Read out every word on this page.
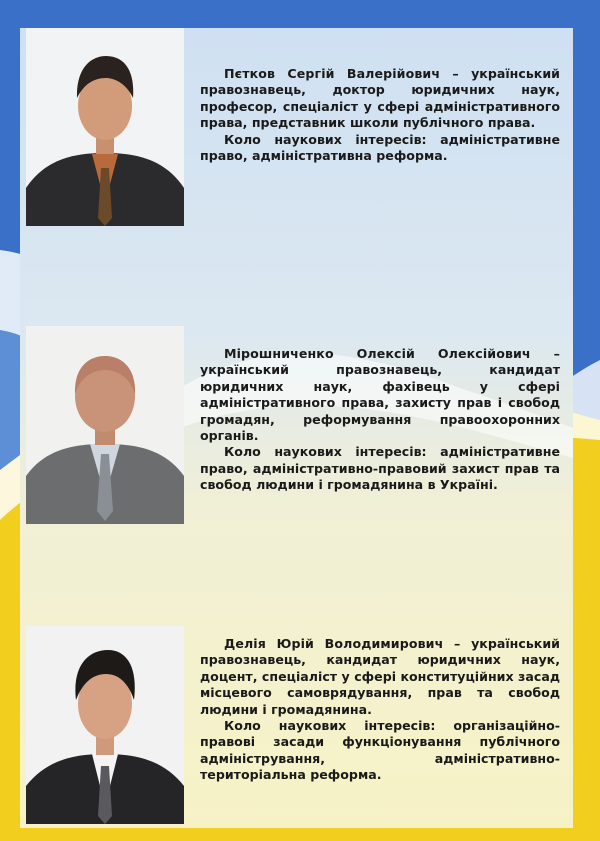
Пєтков Сергій Валерійович – український правознавець, доктор юридичних наук, професор, спеціаліст у сфері адміністративного права, представник школи публічного права.

Коло наукових інтересів: адміністративне право, адміністративна реформа.

Мірошниченко Олексій Олексійович – український правознавець, кандидат юридичних наук, фахівець у сфері адміністративного права, захисту прав і свобод громадян, реформування правоохоронних органів.

Коло наукових інтересів: адміністративне право, адміністративно-правовий захист прав та свобод людини і громадянина в Україні.

Делія Юрій Володимирович – український правознавець, кандидат юридичних наук, доцент, спеціаліст у сфері конституційних засад місцевого самоврядування, прав та свобод людини і громадянина.

Коло наукових інтересів: організаційно-правові засади функціонування публічного адміністрування, адміністративно-територіальна реформа.
